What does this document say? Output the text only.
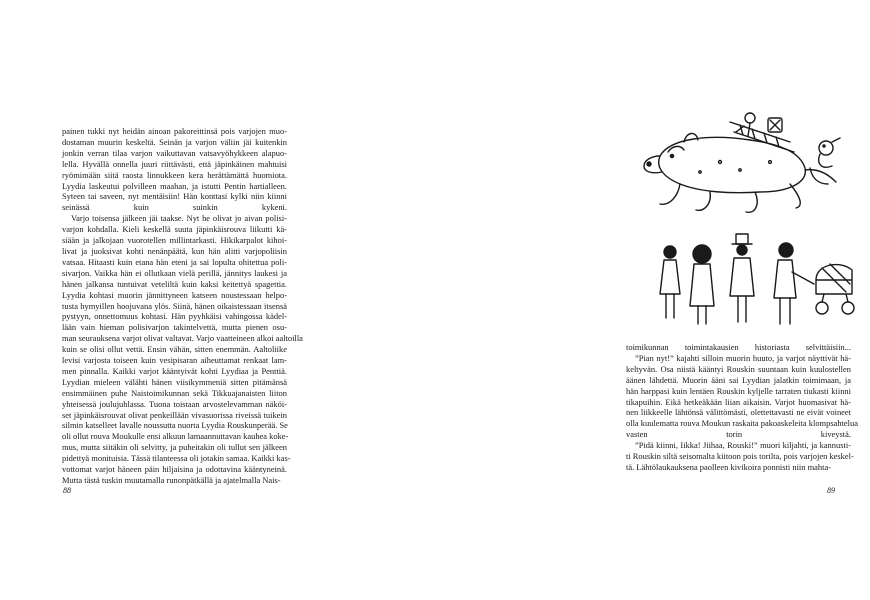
painen tukki nyt heidän ainoan pakoreittinsä pois varjojen muo-
dostaman muurin keskeltä. Seinän ja varjon väliin jäi kuitenkin
jonkin verran tilaa varjon vaikuttavan vatsavyöhykkeen alapuo-
lella. Hyvällä onnella juuri riittävästi, että jäpinkäinen mahtuisi
ryömimään siitä raosta linnukkeen kera herättämättä huomiota.
Lyydia laskeutui polvilleen maahan, ja istutti Pentin hartialleen.
Syteen tai saveen, nyt mentäisiin! Hän konttasi kylki niin kiinni
seinässä kuin suinkin kykeni.
Varjo toisensa jälkeen jäi taakse. Nyt he olivat jo aivan polisi-
varjon kohdalla. Kieli keskellä suuta jäpinkäisrouva liikutti kä-
siään ja jalkojaan vuorotellen millintarkasti. Hikikarpalot kihoi-
livat ja juoksivat kohti nenänpäätä, kun hän alitti varjopoliisin
vatsaa. Hitaasti kuin etana hän eteni ja sai lopulta ohitettua poli-
sivarjon. Vaikka hän ei ollutkaan vielä perillä, jännitys laukesi ja
hänen jalkansa tuntuivat veteliltä kuin kaksi keitettyä spagettia.
Lyydia kohtasi muorin jännittyneen katseen noustessaan helpo-
tusta hymyillen hoojuvana ylös. Siinä, hänen oikaistessaan itsensä
pystyyn, onnettomuus kohtasi. Hän pyyhkäisi vahingossa kädel-
lään vain hieman polisivarjon takintelvettä, mutta pienen osu-
man seurauksena varjot olivat valtavat. Varjo vaatteineen alkoi aaltoilla
kuin se olisi ollut vettä. Ensin vähän, sitten enemmän. Aaltoliike
levisi varjosta toiseen kuin vesipisaran aiheuttamat renkaat lam-
men pinnalla. Kaikki varjot kääntyivät kohti Lyydiaa ja Penttiä.
Lyydian mieleen välähti hänen viisikymmeniä sitten pitämänsä
ensimmäinen puhe Naistoimikunnan sekä Tikkuajanaisten liiton
yhteisessä joulujuhlassa. Tuona toistaan arvostelevamman näköi-
set jäpinkäisrouvat olivat penkeillään vivasuorissa riveissä tuikein
silmin katselleet lavalle noussutta nuorta Lyydia Rouskunperää. Se
oli ollut rouva Moukulle ensi alkuun lamaannuttavan kauhea koke-
mus, mutta siitäkin oli selvitty, ja puheitakin oli tullut sen jälkeen
pidettyä monituisia. Tässä tilanteessa oli jotakin samaa. Kaikki kas-
vottomat varjot häneen päin hiljaisina ja odottavina kääntyneinä.
Mutta tästä tuskin muutamalla runonpätkällä ja ajatelmalla Nais-
88
toimikunnan toimintakausien historiasta selvittäisiin...
”Pian nyt!” kajahti silloin muorin huuto, ja varjot näyttivät hä-
keltyvän. Osa niistä kääntyi Rouskin suuntaan kuin kuulostellen
äänen lähdettä. Muorin ääni sai Lyydian jalatkin toimimaan, ja
hän harppasi kuin lentäen Rouskin kyljelle tarraten tiukasti kiinni
tikapuihin. Eikä hetkeäkään liian aikaisin. Varjot huomasivat hä-
nen liikkeelle lähtönsä välittömästi, olettettavasti ne eivät voineet
olla kuulematta rouva Moukun raskaita pakoaskeleita klompsahtelua
vasten torin kiveystä.
”Pidä kiinni, Iikka! Jiihaa, Rouski!” muori kiljahti, ja kannusti-
ti Rouskin siltä seisomalta kiitoon pois torilta, pois varjojen keskel-
tä. Lähtölaukauksena paolleen kivikoira ponnisti niin mahta-
89
